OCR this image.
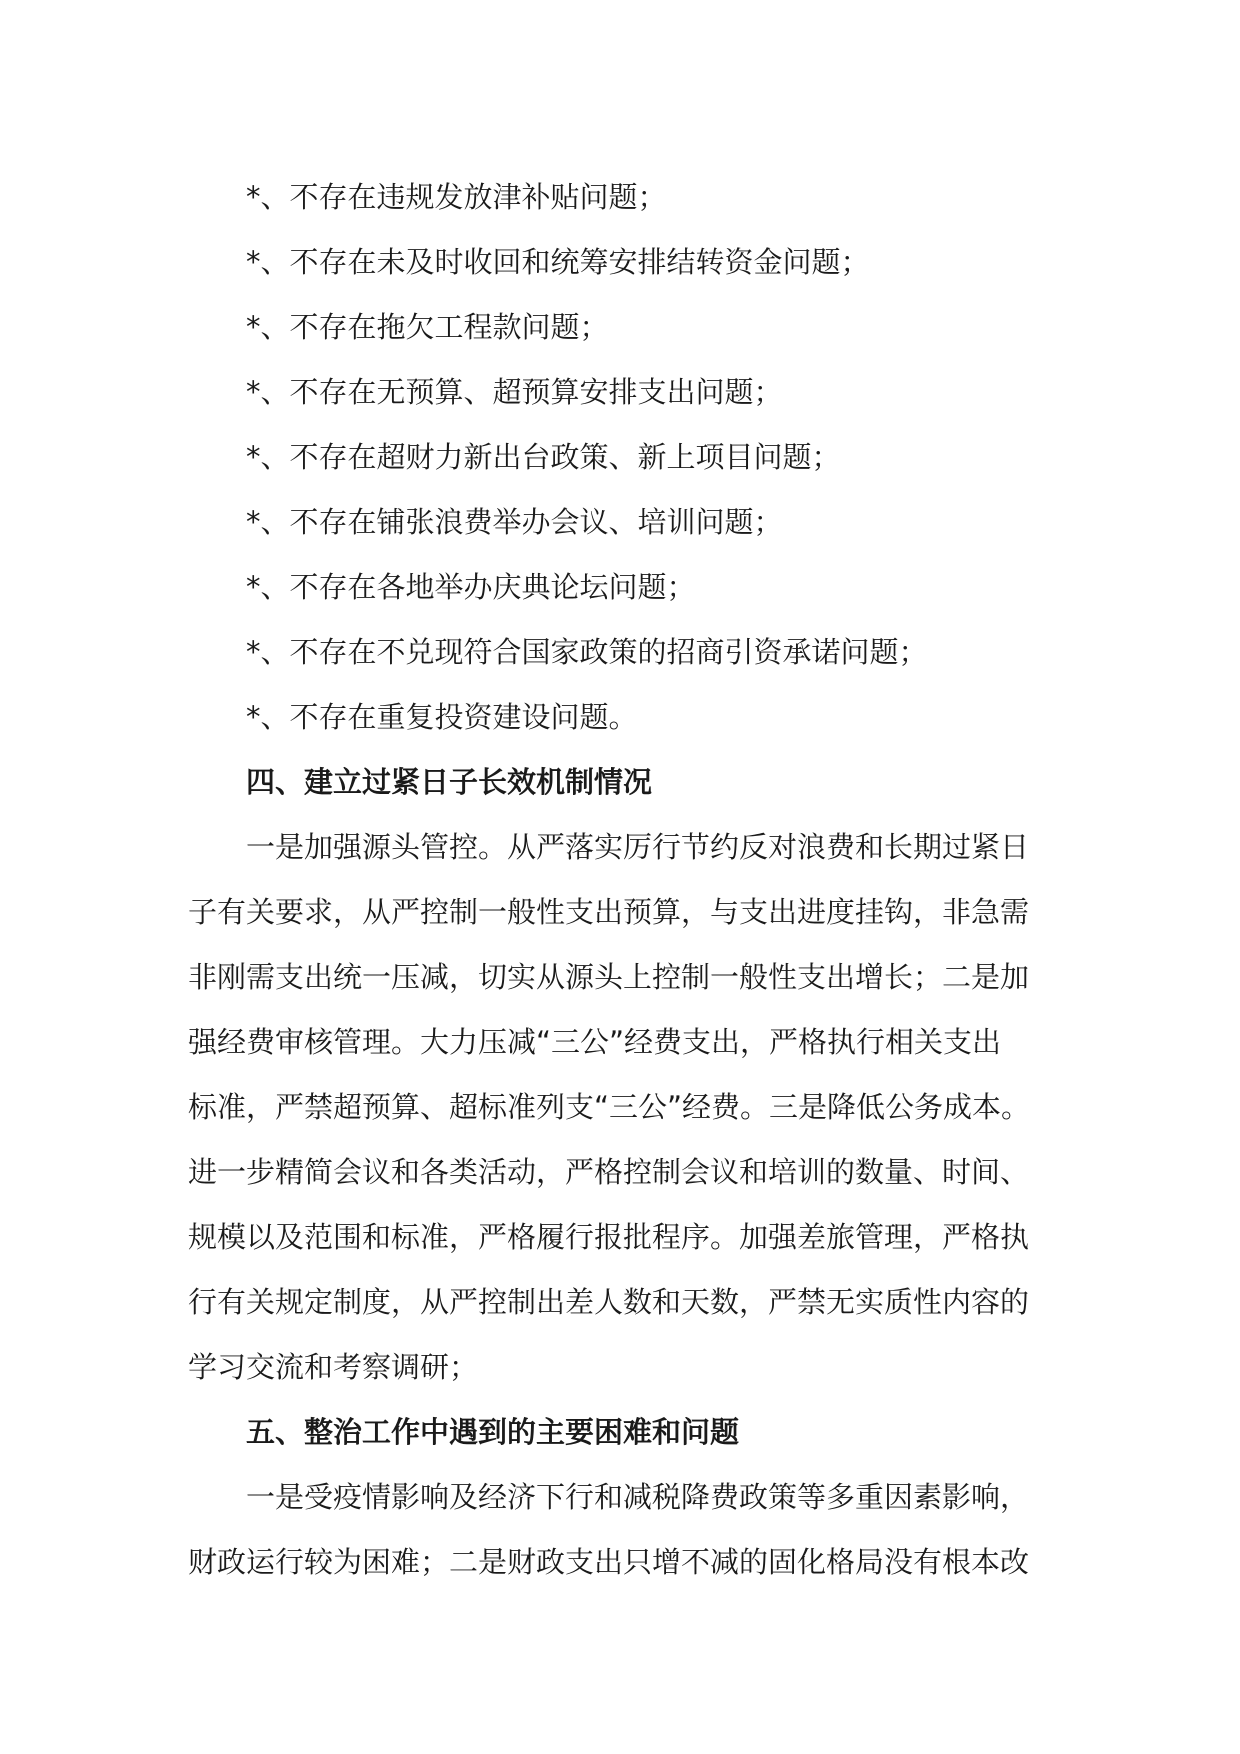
*、不存在违规发放津补贴问题；
*、不存在未及时收回和统筹安排结转资金问题；
*、不存在拖欠工程款问题；
*、不存在无预算、超预算安排支出问题；
*、不存在超财力新出台政策、新上项目问题；
*、不存在铺张浪费举办会议、培训问题；
*、不存在各地举办庆典论坛问题；
*、不存在不兑现符合国家政策的招商引资承诺问题；
*、不存在重复投资建设问题。
四、建立过紧日子长效机制情况
一是加强源头管控。从严落实厉行节约反对浪费和长期过紧日
子有关要求，从严控制一般性支出预算，与支出进度挂钩，非急需
非刚需支出统一压减，切实从源头上控制一般性支出增长；二是加
强经费审核管理。大力压减“三公”经费支出，严格执行相关支出
标准，严禁超预算、超标准列支“三公”经费。三是降低公务成本。
进一步精简会议和各类活动，严格控制会议和培训的数量、时间、
规模以及范围和标准，严格履行报批程序。加强差旅管理，严格执
行有关规定制度，从严控制出差人数和天数，严禁无实质性内容的
学习交流和考察调研；
五、整治工作中遇到的主要困难和问题
一是受疫情影响及经济下行和减税降费政策等多重因素影响，
财政运行较为困难；二是财政支出只增不减的固化格局没有根本改
